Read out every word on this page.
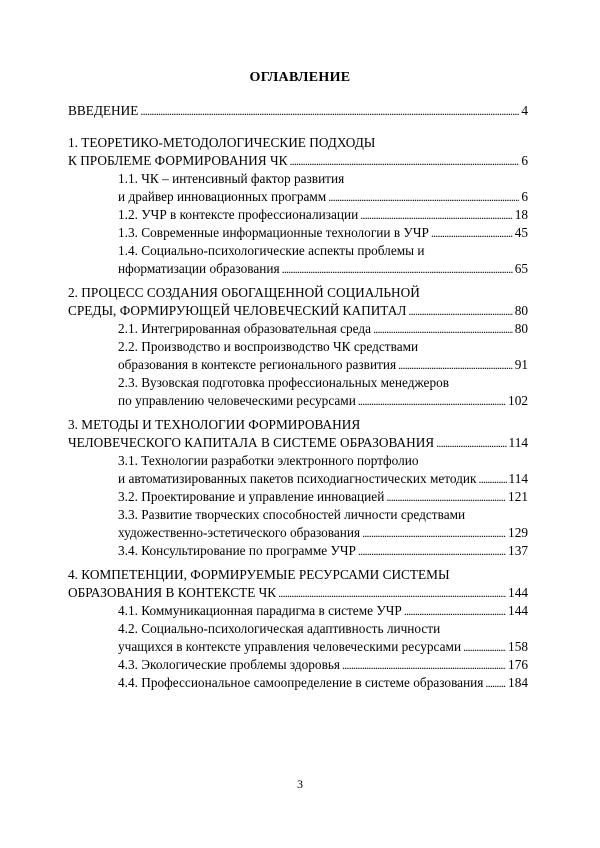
ОГЛАВЛЕНИЕ
ВВЕДЕНИЕ . . .	4
1. ТЕОРЕТИКО-МЕТОДОЛОГИЧЕСКИЕ ПОДХОДЫ
К ПРОБЛЕМЕ ФОРМИРОВАНИЯ ЧК . . .	6
1.1. ЧК – интенсивный фактор развития
и драйвер инновационных программ . . .	6
1.2. УЧР в контексте профессионализации . . .	18
1.3. Современные информационные технологии в УЧР . . .	45
1.4. Социально-психологические аспекты проблемы и
нформатизации образования . . .	65
2. ПРОЦЕСС СОЗДАНИЯ ОБОГАЩЕННОЙ СОЦИАЛЬНОЙ
СРЕДЫ, ФОРМИРУЮЩЕЙ ЧЕЛОВЕЧЕСКИЙ КАПИТАЛ . . .	80
2.1. Интегрированная образовательная среда . . .	80
2.2. Производство и воспроизводство ЧК средствами
образования в контексте регионального развития . . .	91
2.3. Вузовская подготовка профессиональных менеджеров
по управлению человеческими ресурсами . . .	102
3. МЕТОДЫ И ТЕХНОЛОГИИ ФОРМИРОВАНИЯ
ЧЕЛОВЕЧЕСКОГО КАПИТАЛА В СИСТЕМЕ ОБРАЗОВАНИЯ . . .	114
3.1. Технологии разработки электронного портфолио
и автоматизированных пакетов психодиагностических методик . . . 114
3.2. Проектирование и управление инновацией . . .	121
3.3. Развитие творческих способностей личности средствами
художественно-эстетического образования . . .	129
3.4. Консультирование по программе УЧР . . .	137
4. КОМПЕТЕНЦИИ, ФОРМИРУЕМЫЕ РЕСУРСАМИ СИСТЕМЫ
ОБРАЗОВАНИЯ В КОНТЕКСТЕ ЧК . . .	144
4.1. Коммуникационная парадигма в системе УЧР . . .	144
4.2. Социально-психологическая адаптивность личности
учащихся в контексте управления человеческими ресурсами . . .	158
4.3. Экологические проблемы здоровья . . .	176
4.4. Профессиональное самоопределение в системе образования . . . 184
3
